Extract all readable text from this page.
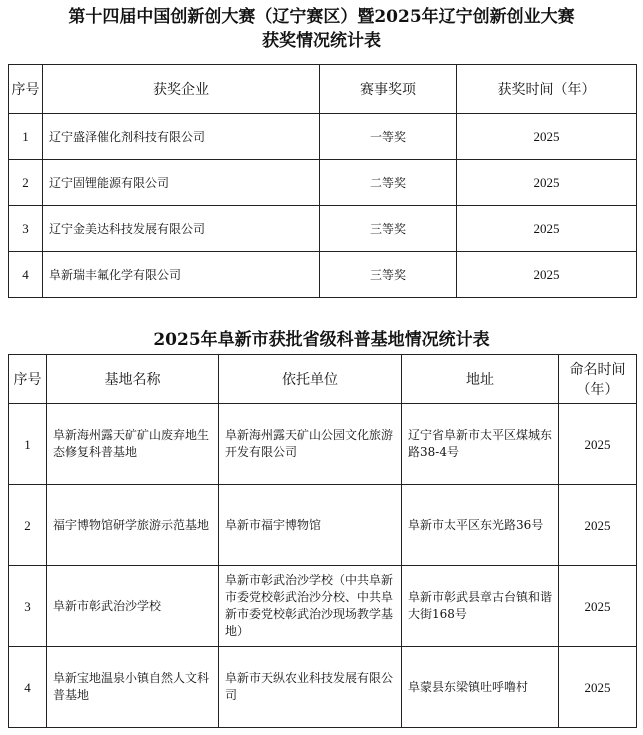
第十四届中国创新创大赛（辽宁赛区）暨2025年辽宁创新创业大赛
获奖情况统计表
序号	获奖企业	赛事奖项	获奖时间（年）
1	辽宁盛泽催化剂科技有限公司	一等奖	2025
2	辽宁固锂能源有限公司	二等奖	2025
3	辽宁金美达科技发展有限公司	三等奖	2025
4	阜新瑞丰氟化学有限公司	三等奖	2025
2025年阜新市获批省级科普基地情况统计表
序号	基地名称	依托单位	地址	命名时间（年）
1	阜新海州露天矿矿山废弃地生态修复科普基地	阜新海州露天矿山公园文化旅游开发有限公司	辽宁省阜新市太平区煤城东路38-4号	2025
2	福宇博物馆研学旅游示范基地	阜新市福宇博物馆	阜新市太平区东光路36号	2025
3	阜新市彰武治沙学校	阜新市彰武治沙学校（中共阜新市委党校彰武治沙分校、中共阜新市委党校彰武治沙现场教学基地）	阜新市彰武县章古台镇和谐大街168号	2025
4	阜新宝地温泉小镇自然人文科普基地	阜新市天纵农业科技发展有限公司	阜蒙县东梁镇吐呼噜村	2025
